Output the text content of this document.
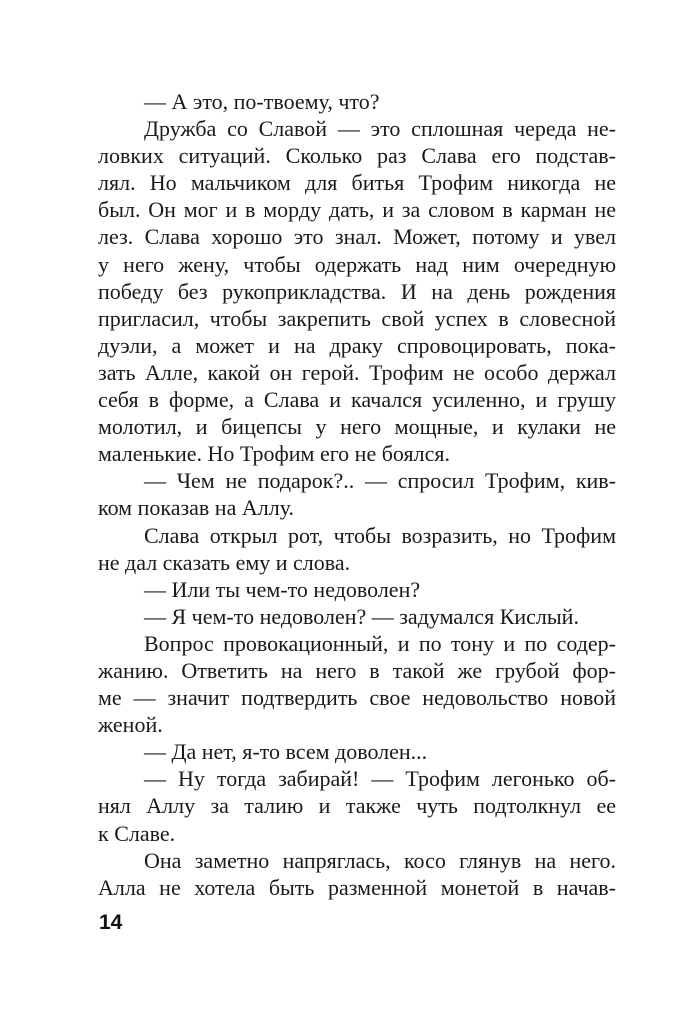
— А это, по-твоему, что?
Дружба со Славой — это сплошная череда не-
ловких ситуаций. Сколько раз Слава его подстав-
лял. Но мальчиком для битья Трофим никогда не
был. Он мог и в морду дать, и за словом в карман не
лез. Слава хорошо это знал. Может, потому и увел
у него жену, чтобы одержать над ним очередную
победу без рукоприкладства. И на день рождения
пригласил, чтобы закрепить свой успех в словесной
дуэли, а может и на драку спровоцировать, пока-
зать Алле, какой он герой. Трофим не особо держал
себя в форме, а Слава и качался усиленно, и грушу
молотил, и бицепсы у него мощные, и кулаки не
маленькие. Но Трофим его не боялся.
— Чем не подарок?.. — спросил Трофим, кив-
ком показав на Аллу.
Слава открыл рот, чтобы возразить, но Трофим
не дал сказать ему и слова.
— Или ты чем-то недоволен?
— Я чем-то недоволен? — задумался Кислый.
Вопрос провокационный, и по тону и по содер-
жанию. Ответить на него в такой же грубой фор-
ме — значит подтвердить свое недовольство новой
женой.
— Да нет, я-то всем доволен...
— Ну тогда забирай! — Трофим легонько об-
нял Аллу за талию и также чуть подтолкнул ее
к Славе.
Она заметно напряглась, косо глянув на него.
Алла не хотела быть разменной монетой в начав-
14
